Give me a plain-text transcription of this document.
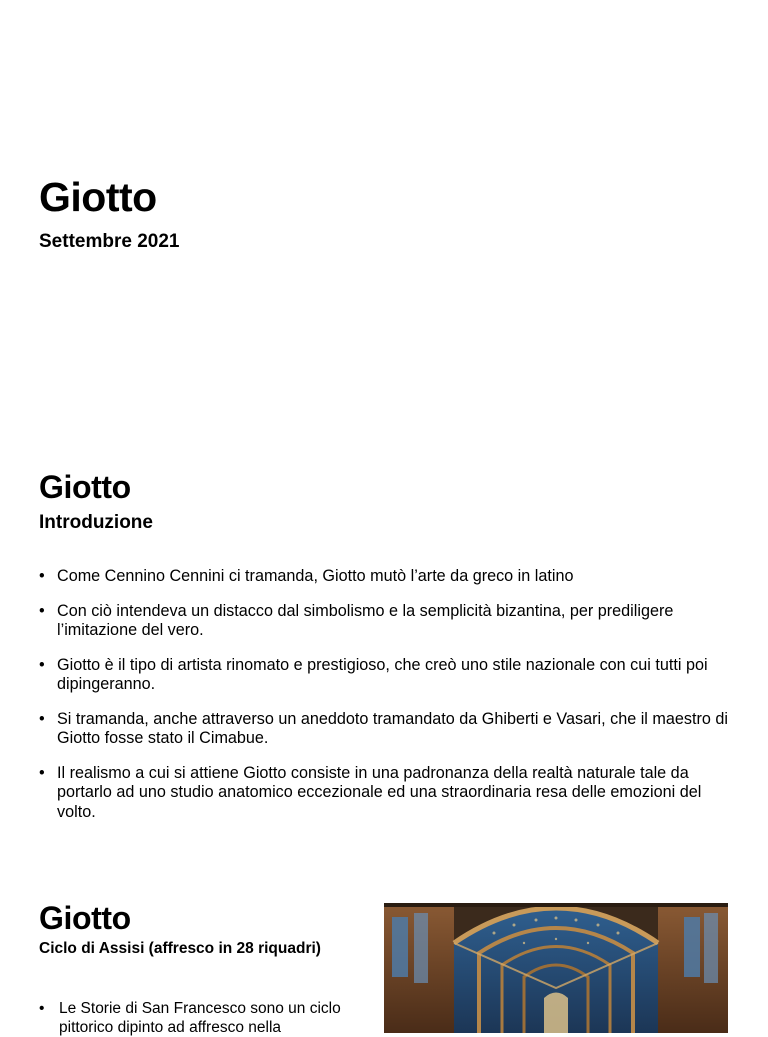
Giotto
Settembre 2021
Giotto
Introduzione
• Come Cennino Cennini ci tramanda, Giotto mutò l’arte da greco in latino
• Con ciò intendeva un distacco dal simbolismo e la semplicità bizantina, per prediligere l’imitazione del vero.
• Giotto è il tipo di artista rinomato e prestigioso, che creò uno stile nazionale con cui tutti poi dipingeranno.
• Si tramanda, anche attraverso un aneddoto tramandato da Ghiberti e Vasari, che il maestro di Giotto fosse stato il Cimabue.
• Il realismo a cui si attiene Giotto consiste in una padronanza della realtà naturale tale da portarlo ad uno studio anatomico eccezionale ed una straordinaria resa delle emozioni del volto.
Giotto
Ciclo di Assisi (affresco in 28 riquadri)
• Le Storie di San Francesco sono un ciclo pittorico dipinto ad affresco nella
